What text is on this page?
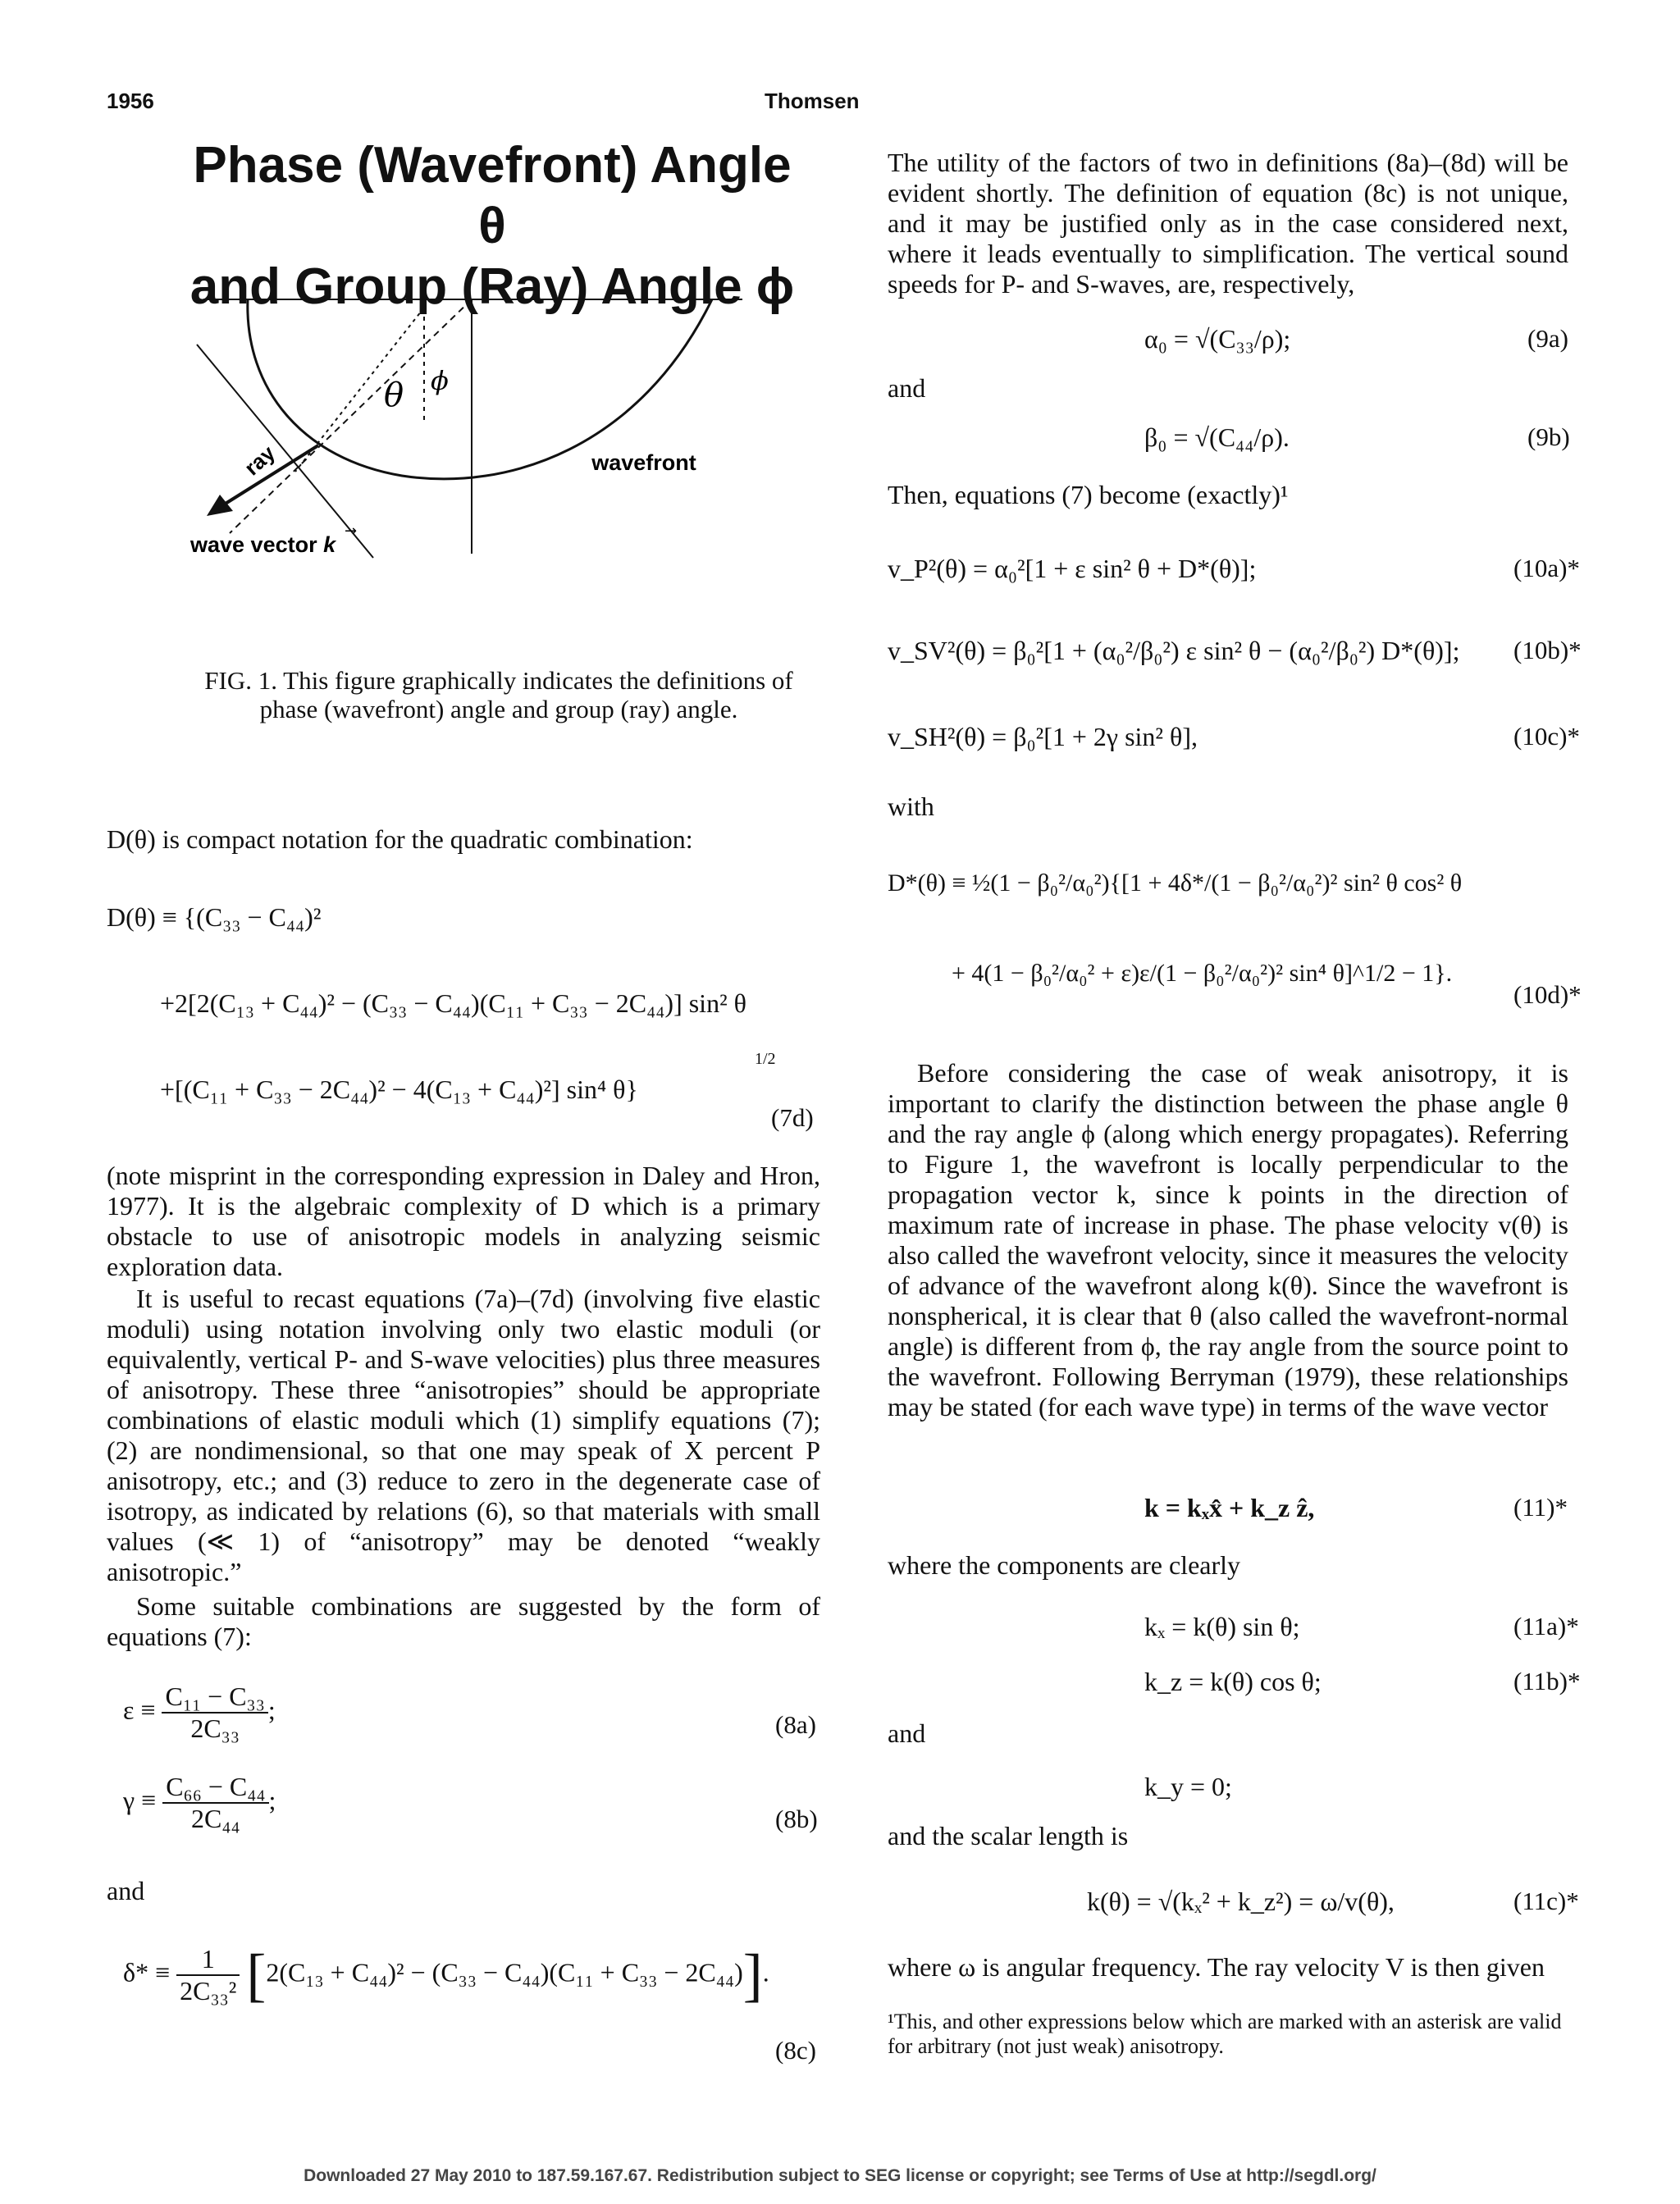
1956	Thomsen
Phase (Wavefront) Angle θ
and Group (Ray) Angle ϕ
θ ϕ
ray	wavefront
wave vector k
→
FIG. 1. This figure graphically indicates the definitions of phase (wavefront) angle and group (ray) angle.
D(θ) is compact notation for the quadratic combination:
D(θ) ≡ {(C₃₃ − C₄₄)²
+2[2(C₁₃ + C₄₄)² − (C₃₃ − C₄₄)(C₁₁ + C₃₃ − 2C₄₄)] sin² θ
+[(C₁₁ + C₃₃ − 2C₄₄)² − 4(C₁₃ + C₄₄)²] sin⁴ θ}
1/2
(7d)
(note misprint in the corresponding expression in Daley and Hron, 1977). It is the algebraic complexity of D which is a primary obstacle to use of anisotropic models in analyzing seismic exploration data.
It is useful to recast equations (7a)–(7d) (involving five elastic moduli) using notation involving only two elastic moduli (or equivalently, vertical P- and S-wave velocities) plus three measures of anisotropy. These three “anisotropies” should be appropriate combinations of elastic moduli which (1) simplify equations (7); (2) are nondimensional, so that one may speak of X percent P anisotropy, etc.; and (3) reduce to zero in the degenerate case of isotropy, as indicated by relations (6), so that materials with small values (≪ 1) of “anisotropy” may be denoted “weakly anisotropic.”
Some suitable combinations are suggested by the form of equations (7):
$\varepsilon \equiv \frac{\text{C₁₁ − C₃₃}}{\text{2C₃₃}}$ ;
(8a)
$\gamma \equiv \frac{\text{C₆₆ − C₄₄}}{\text{2C₄₄}}$ ;
(8b)
and
$\delta* \equiv \frac{1}{\text{2C₃₃²}} [2(C_{13} + C_{44})^2 - (C_{33} - C_{44})(C_{11} + C_{33} - 2C_{44})]$.
(8c)
The utility of the factors of two in definitions (8a)–(8d) will be evident shortly. The definition of equation (8c) is not unique, and it may be justified only as in the case considered next, where it leads eventually to simplification. The vertical sound speeds for P- and S-waves, are, respectively,
α₀ = √(C₃₃/ρ);	(9a)
and
β₀ = √(C₄₄/ρ).	(9b)
Then, equations (7) become (exactly)¹
v_P²(θ) = α₀²[1 + ε sin² θ + D*(θ)];	(10a)*
v_SV²(θ) = β₀²[1 + (α₀²/β₀²) ε sin² θ − (α₀²/β₀²) D*(θ)]; (10b)*
v_SH²(θ) = β₀²[1 + 2γ sin² θ],	(10c)*
with
D*(θ) ≡ ½(1 − β₀²/α₀²){[1 + 4δ*/(1 − β₀²/α₀²)² sin² θ cos² θ
+ 4(1 − β₀²/α₀² + ε)ε/(1 − β₀²/α₀²)² sin⁴ θ]^1/2 − 1}.
(10d)*
Before considering the case of weak anisotropy, it is important to clarify the distinction between the phase angle θ and the ray angle ϕ (along which energy propagates). Referring to Figure 1, the wavefront is locally perpendicular to the propagation vector k, since k points in the direction of maximum rate of increase in phase. The phase velocity v(θ) is also called the wavefront velocity, since it measures the velocity of advance of the wavefront along k(θ). Since the wavefront is nonspherical, it is clear that θ (also called the wavefront-normal angle) is different from ϕ, the ray angle from the source point to the wavefront. Following Berryman (1979), these relationships may be stated (for each wave type) in terms of the wave vector
k = kₓx̂ + k_z ẑ,	(11)*
where the components are clearly
kₓ = k(θ) sin θ;	(11a)*
k_z = k(θ) cos θ;	(11b)*
and
k_y = 0;
and the scalar length is
k(θ) = √(kₓ² + k_z²) = ω/v(θ),	(11c)*
where ω is angular frequency. The ray velocity V is then given
¹This, and other expressions below which are marked with an asterisk are valid for arbitrary (not just weak) anisotropy.
Downloaded 27 May 2010 to 187.59.167.67. Redistribution subject to SEG license or copyright; see Terms of Use at http://segdl.org/
